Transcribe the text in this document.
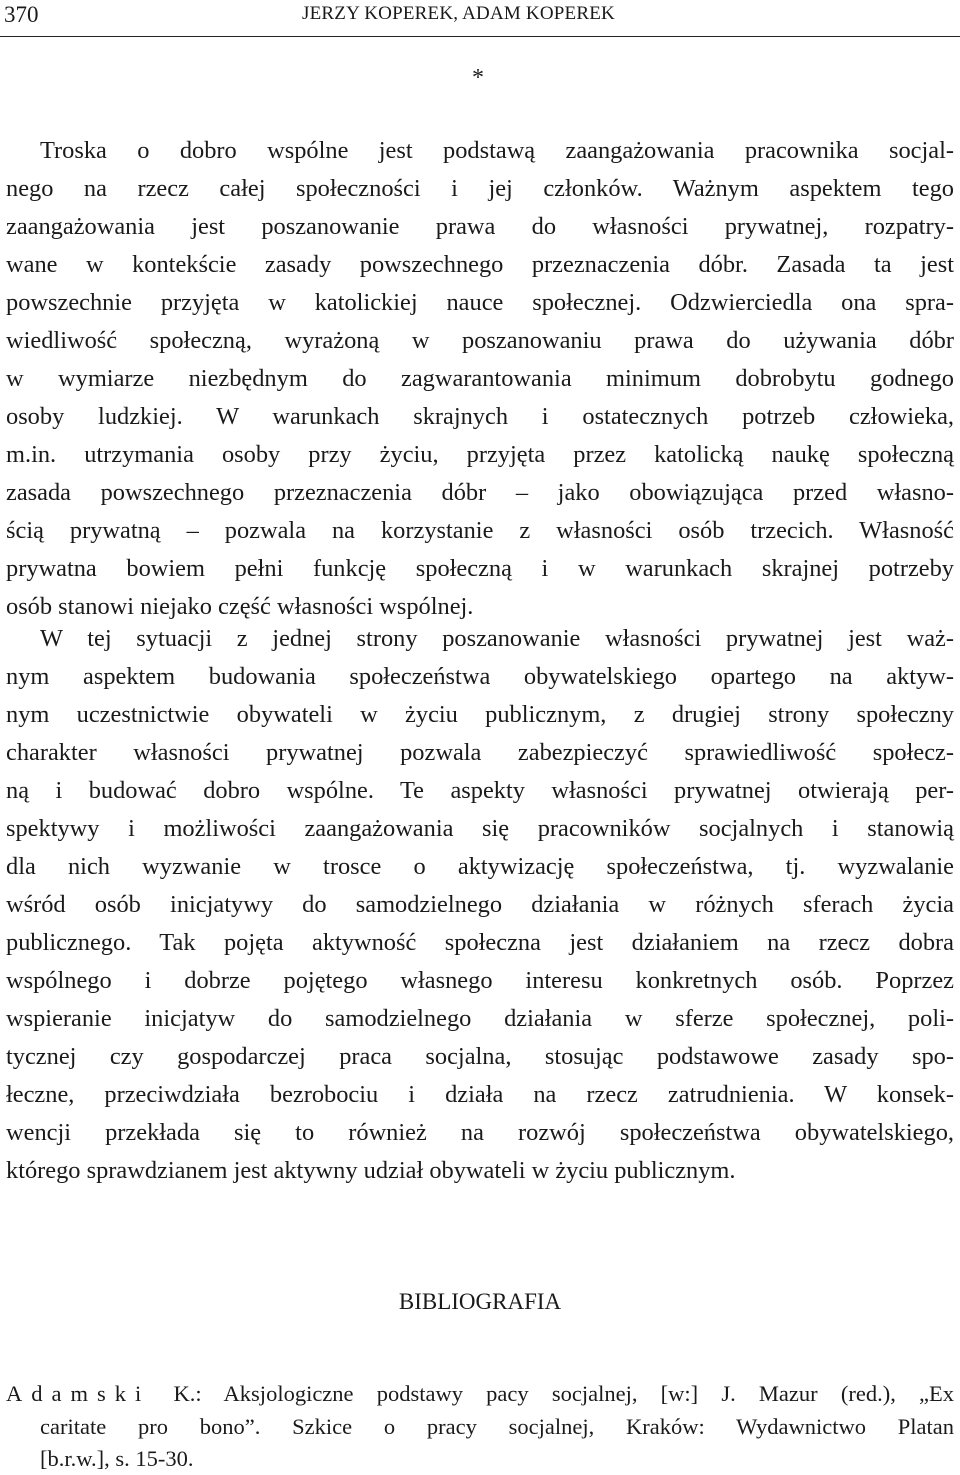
370	JERZY KOPEREK, ADAM KOPEREK
*
Troska o dobro wspólne jest podstawą zaangażowania pracownika socjal-
nego na rzecz całej społeczności i jej członków. Ważnym aspektem tego
zaangażowania jest poszanowanie prawa do własności prywatnej, rozpatry-
wane w kontekście zasady powszechnego przeznaczenia dóbr. Zasada ta jest
powszechnie przyjęta w katolickiej nauce społecznej. Odzwierciedla ona spra-
wiedliwość społeczną, wyrażoną w poszanowaniu prawa do używania dóbr
w wymiarze niezbędnym do zagwarantowania minimum dobrobytu godnego
osoby ludzkiej. W warunkach skrajnych i ostatecznych potrzeb człowieka,
m.in. utrzymania osoby przy życiu, przyjęta przez katolicką naukę społeczną
zasada powszechnego przeznaczenia dóbr – jako obowiązująca przed własno-
ścią prywatną – pozwala na korzystanie z własności osób trzecich. Własność
prywatna bowiem pełni funkcję społeczną i w warunkach skrajnej potrzeby
osób stanowi niejako część własności wspólnej.
W tej sytuacji z jednej strony poszanowanie własności prywatnej jest waż-
nym aspektem budowania społeczeństwa obywatelskiego opartego na aktyw-
nym uczestnictwie obywateli w życiu publicznym, z drugiej strony społeczny
charakter własności prywatnej pozwala zabezpieczyć sprawiedliwość społecz-
ną i budować dobro wspólne. Te aspekty własności prywatnej otwierają per-
spektywy i możliwości zaangażowania się pracowników socjalnych i stanowią
dla nich wyzwanie w trosce o aktywizację społeczeństwa, tj. wyzwalanie
wśród osób inicjatywy do samodzielnego działania w różnych sferach życia
publicznego. Tak pojęta aktywność społeczna jest działaniem na rzecz dobra
wspólnego i dobrze pojętego własnego interesu konkretnych osób. Poprzez
wspieranie inicjatyw do samodzielnego działania w sferze społecznej, poli-
tycznej czy gospodarczej praca socjalna, stosując podstawowe zasady spo-
łeczne, przeciwdziała bezrobociu i działa na rzecz zatrudnienia. W konsek-
wencji przekłada się to również na rozwój społeczeństwa obywatelskiego,
którego sprawdzianem jest aktywny udział obywateli w życiu publicznym.
BIBLIOGRAFIA
Adamski K.: Aksjologiczne podstawy pacy socjalnej, [w:] J. Mazur (red.), „Ex
caritate pro bono”. Szkice o pracy socjalnej, Kraków: Wydawnictwo Platan
[b.r.w.], s. 15-30.
